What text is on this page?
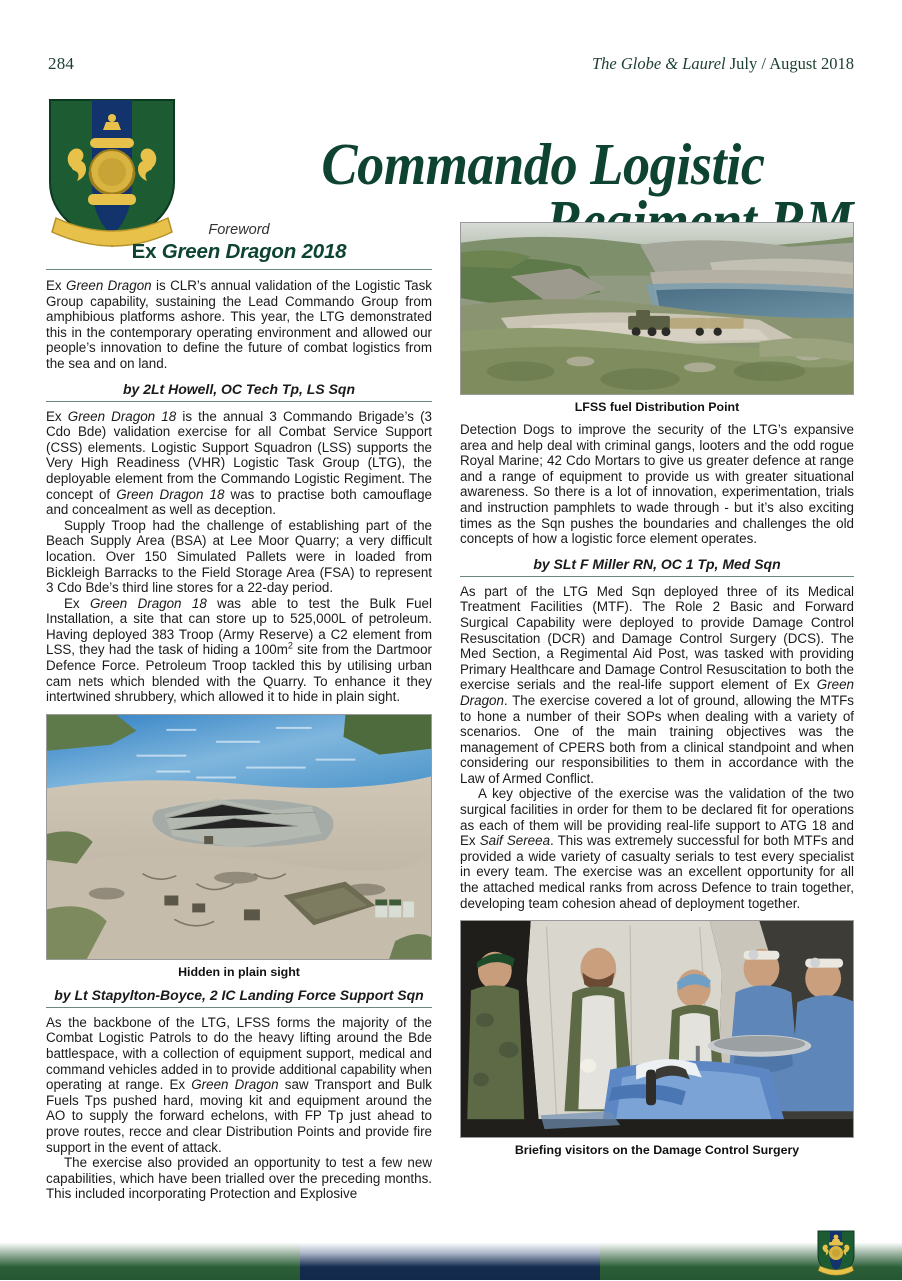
284	The Globe & Laurel July / August 2018
Commando Logistic
Foreword
Ex Green Dragon 2018

Ex Green Dragon is CLR’s annual validation of the Logistic Task Group capability, sustaining the Lead Commando Group from amphibious platforms ashore. This year, the LTG demonstrated this in the contemporary operating environment and allowed our people’s innovation to define the future of combat logistics from the sea and on land.

by 2Lt Howell, OC Tech Tp, LS Sqn

Ex Green Dragon 18 is the annual 3 Commando Brigade’s (3 Cdo Bde) validation exercise for all Combat Service Support (CSS) elements. Logistic Support Squadron (LSS) supports the Very High Readiness (VHR) Logistic Task Group (LTG), the deployable element from the Commando Logistic Regiment. The concept of Green Dragon 18 was to practise both camouflage and concealment as well as deception.

Supply Troop had the challenge of establishing part of the Beach Supply Area (BSA) at Lee Moor Quarry; a very difficult location. Over 150 Simulated Pallets were in loaded from Bickleigh Barracks to the Field Storage Area (FSA) to represent 3 Cdo Bde’s third line stores for a 22-day period.

Ex Green Dragon 18 was able to test the Bulk Fuel Installation, a site that can store up to 525,000L of petroleum. Having deployed 383 Troop (Army Reserve) a C2 element from LSS, they had the task of hiding a $100m^2$ site from the Dartmoor Defence Force. Petroleum Troop tackled this by utilising urban cam nets which blended with the Quarry. To enhance it they intertwined shrubbery, which allowed it to hide in plain sight.

Hidden in plain sight
by Lt Stapylton-Boyce, 2 IC Landing Force Support Sqn

As the backbone of the LTG, LFSS forms the majority of the Combat Logistic Patrols to do the heavy lifting around the Bde battlespace, with a collection of equipment support, medical and command vehicles added in to provide additional capability when operating at range. Ex Green Dragon saw Transport and Bulk Fuels Tps pushed hard, moving kit and equipment around the AO to supply the forward echelons, with FP Tp just ahead to prove routes, recce and clear Distribution Points and provide fire support in the event of attack.

The exercise also provided an opportunity to test a few new capabilities, which have been trialled over the preceding months. This included incorporating Protection and Explosive

LFSS fuel Distribution Point

Detection Dogs to improve the security of the LTG’s expansive area and help deal with criminal gangs, looters and the odd rogue Royal Marine; 42 Cdo Mortars to give us greater defence at range and a range of equipment to provide us with greater situational awareness. So there is a lot of innovation, experimentation, trials and instruction pamphlets to wade through - but it’s also exciting times as the Sqn pushes the boundaries and challenges the old concepts of how a logistic force element operates.

by SLt F Miller RN, OC 1 Tp, Med Sqn

As part of the LTG Med Sqn deployed three of its Medical Treatment Facilities (MTF). The Role 2 Basic and Forward Surgical Capability were deployed to provide Damage Control Resuscitation (DCR) and Damage Control Surgery (DCS). The Med Section, a Regimental Aid Post, was tasked with providing Primary Healthcare and Damage Control Resuscitation to both the exercise serials and the real-life support element of Ex Green Dragon. The exercise covered a lot of ground, allowing the MTFs to hone a number of their SOPs when dealing with a variety of scenarios. One of the main training objectives was the management of CPERS both from a clinical standpoint and when considering our responsibilities to them in accordance with the Law of Armed Conflict.

A key objective of the exercise was the validation of the two surgical facilities in order for them to be declared fit for operations as each of them will be providing real-life support to ATG 18 and Ex Saif Sereea. This was extremely successful for both MTFs and provided a wide variety of casualty serials to test every specialist in every team. The exercise was an excellent opportunity for all the attached medical ranks from across Defence to train together, developing team cohesion ahead of deployment together.

Briefing visitors on the Damage Control Surgery
